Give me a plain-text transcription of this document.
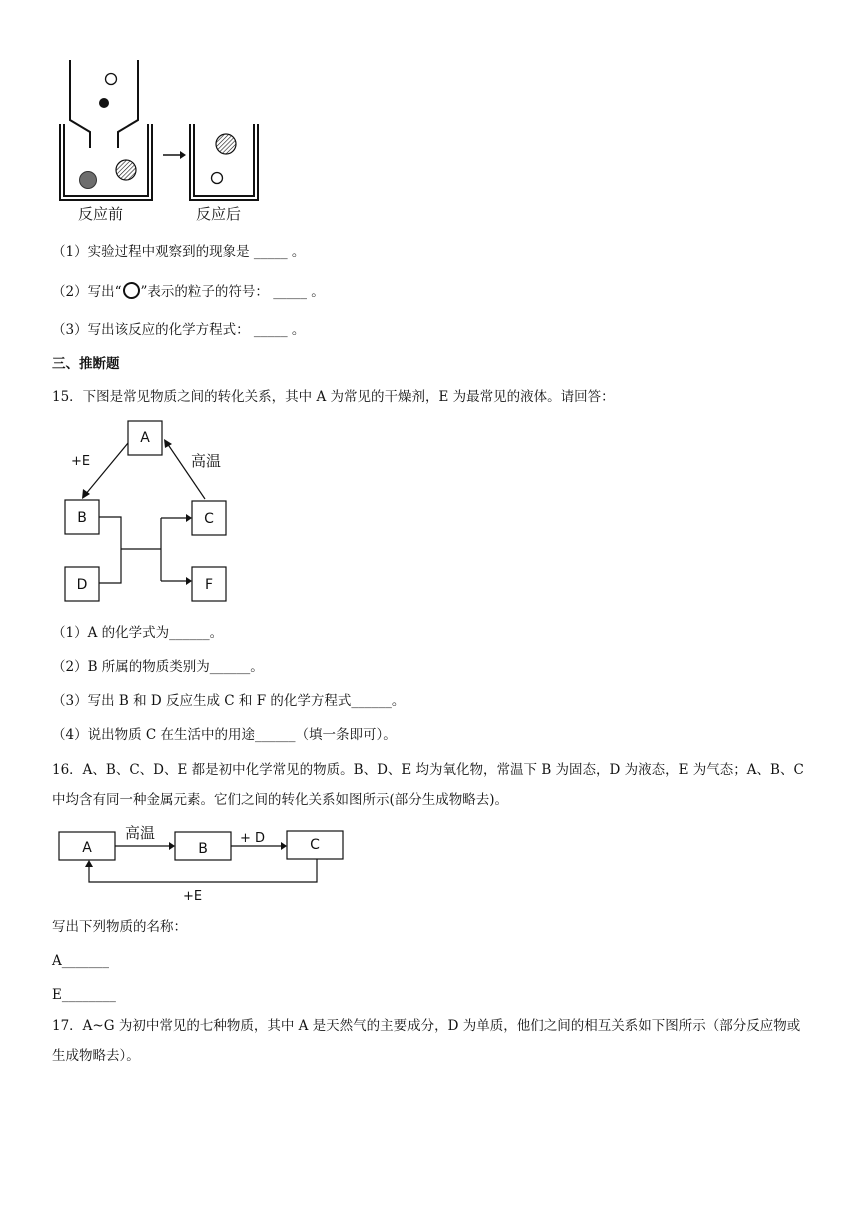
反应前	反应后
（1）实验过程中观察到的现象是 _____ 。
（2）写出“ ”表示的粒子的符号： _____ 。
（3）写出该反应的化学方程式： _____ 。
三、推断题
15．下图是常见物质之间的转化关系，其中 A 为常见的干燥剂，E 为最常见的液体。请回答：
A
B	C
D	F
+E	高温
（1）A 的化学式为______。
（2）B 所属的物质类别为______。
（3）写出 B 和 D 反应生成 C 和 F 的化学方程式______。
（4）说出物质 C 在生活中的用途______（填一条即可）。
16．A、B、C、D、E 都是初中化学常见的物质。B、D、E 均为氧化物，常温下 B 为固态，D 为液态，E 为气态；A、B、C 中均含有同一种金属元素。它们之间的转化关系如图所示(部分生成物略去)。
A	B	C
高温	+ D
+E
写出下列物质的名称：
A_______
E________
17．A~G 为初中常见的七种物质，其中 A 是天然气的主要成分，D 为单质，他们之间的相互关系如下图所示（部分反应物或生成物略去）。
